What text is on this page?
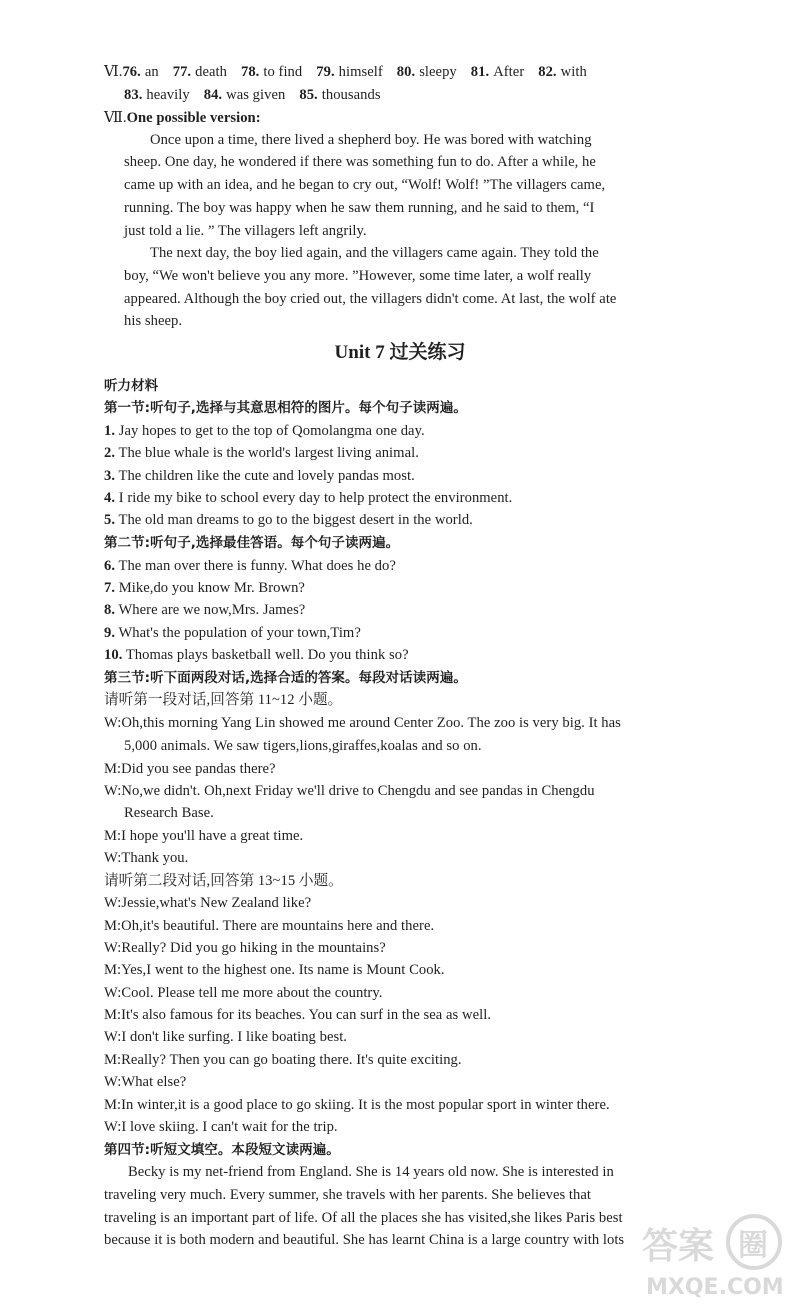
Ⅵ.76. an 77. death 78. to find 79. himself 80. sleepy 81. After 82. with
83. heavily 84. was given 85. thousands
Ⅶ.One possible version:
Once upon a time, there lived a shepherd boy. He was bored with watching
sheep. One day, he wondered if there was something fun to do. After a while, he
came up with an idea, and he began to cry out, “Wolf! Wolf! ”The villagers came,
running. The boy was happy when he saw them running, and he said to them, “I
just told a lie. ” The villagers left angrily.
The next day, the boy lied again, and the villagers came again. They told the
boy, “We won't believe you any more. ”However, some time later, a wolf really
appeared. Although the boy cried out, the villagers didn't come. At last, the wolf ate
his sheep.
Unit 7 过关练习
听力材料
第一节:听句子,选择与其意思相符的图片。每个句子读两遍。
1. Jay hopes to get to the top of Qomolangma one day.
2. The blue whale is the world's largest living animal.
3. The children like the cute and lovely pandas most.
4. I ride my bike to school every day to help protect the environment.
5. The old man dreams to go to the biggest desert in the world.
第二节:听句子,选择最佳答语。每个句子读两遍。
6. The man over there is funny. What does he do?
7. Mike,do you know Mr. Brown?
8. Where are we now,Mrs. James?
9. What's the population of your town,Tim?
10. Thomas plays basketball well. Do you think so?
第三节:听下面两段对话,选择合适的答案。每段对话读两遍。
请听第一段对话,回答第 11~12 小题。
W:Oh,this morning Yang Lin showed me around Center Zoo. The zoo is very big. It has
5,000 animals. We saw tigers,lions,giraffes,koalas and so on.
M:Did you see pandas there?
W:No,we didn't. Oh,next Friday we'll drive to Chengdu and see pandas in Chengdu
Research Base.
M:I hope you'll have a great time.
W:Thank you.
请听第二段对话,回答第 13~15 小题。
W:Jessie,what's New Zealand like?
M:Oh,it's beautiful. There are mountains here and there.
W:Really? Did you go hiking in the mountains?
M:Yes,I went to the highest one. Its name is Mount Cook.
W:Cool. Please tell me more about the country.
M:It's also famous for its beaches. You can surf in the sea as well.
W:I don't like surfing. I like boating best.
M:Really? Then you can go boating there. It's quite exciting.
W:What else?
M:In winter,it is a good place to go skiing. It is the most popular sport in winter there.
W:I love skiing. I can't wait for the trip.
第四节:听短文填空。本段短文读两遍。
Becky is my net-friend from England. She is 14 years old now. She is interested in
traveling very much. Every summer, she travels with her parents. She believes that
traveling is an important part of life. Of all the places she has visited,she likes Paris best
because it is both modern and beautiful. She has learnt China is a large country with lots 答案 圈
MXQE.COM
